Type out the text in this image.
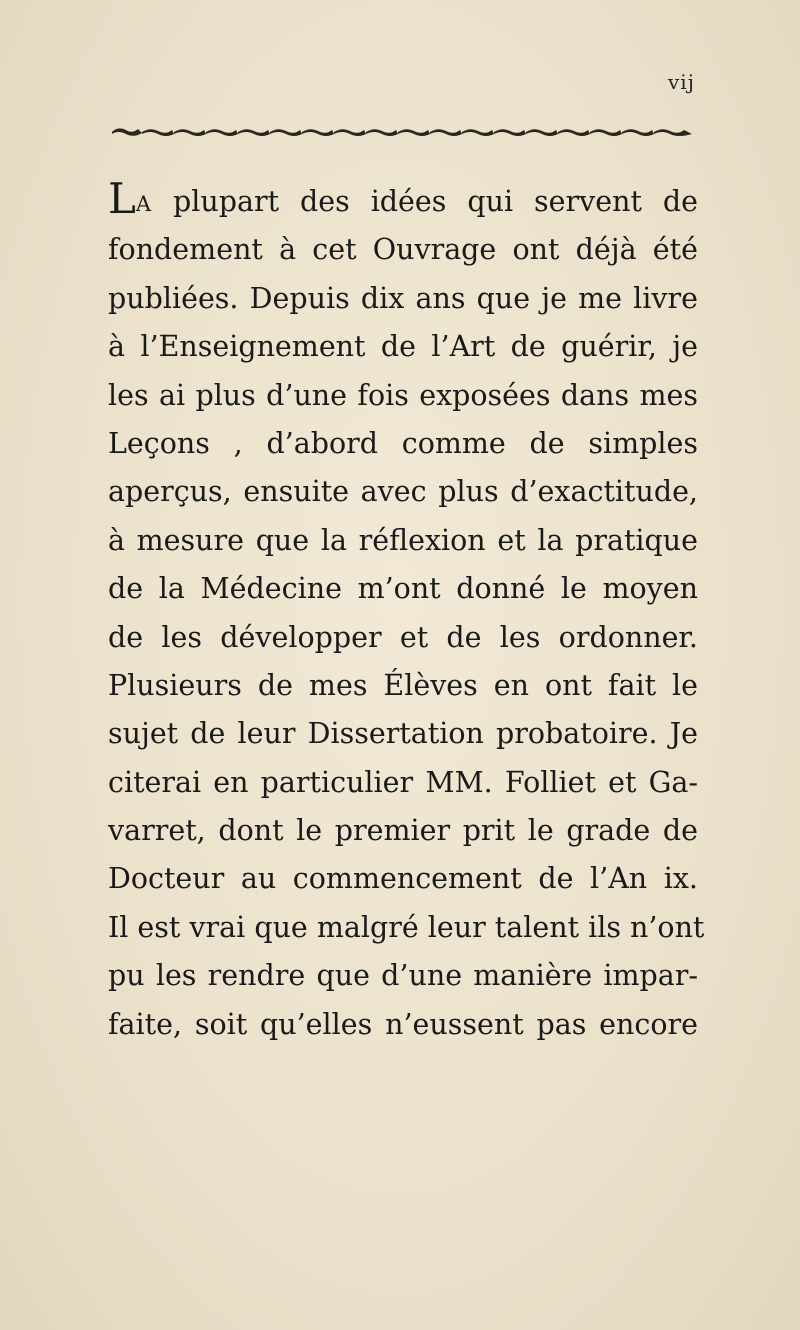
vij
LA plupart des idées qui servent de
fondement à cet Ouvrage ont déjà été
publiées. Depuis dix ans que je me livre
à l’Enseignement de l’Art de guérir, je
les ai plus d’une fois exposées dans mes
Leçons , d’abord comme de simples
aperçus, ensuite avec plus d’exactitude,
à mesure que la réflexion et la pratique
de la Médecine m’ont donné le moyen
de les développer et de les ordonner.
Plusieurs de mes Élèves en ont fait le
sujet de leur Dissertation probatoire. Je
citerai en particulier MM. Folliet et Ga-
varret, dont le premier prit le grade de
Docteur au commencement de l’An ix.
Il est vrai que malgré leur talent ils n’ont
pu les rendre que d’une manière impar-
faite, soit qu’elles n’eussent pas encore
